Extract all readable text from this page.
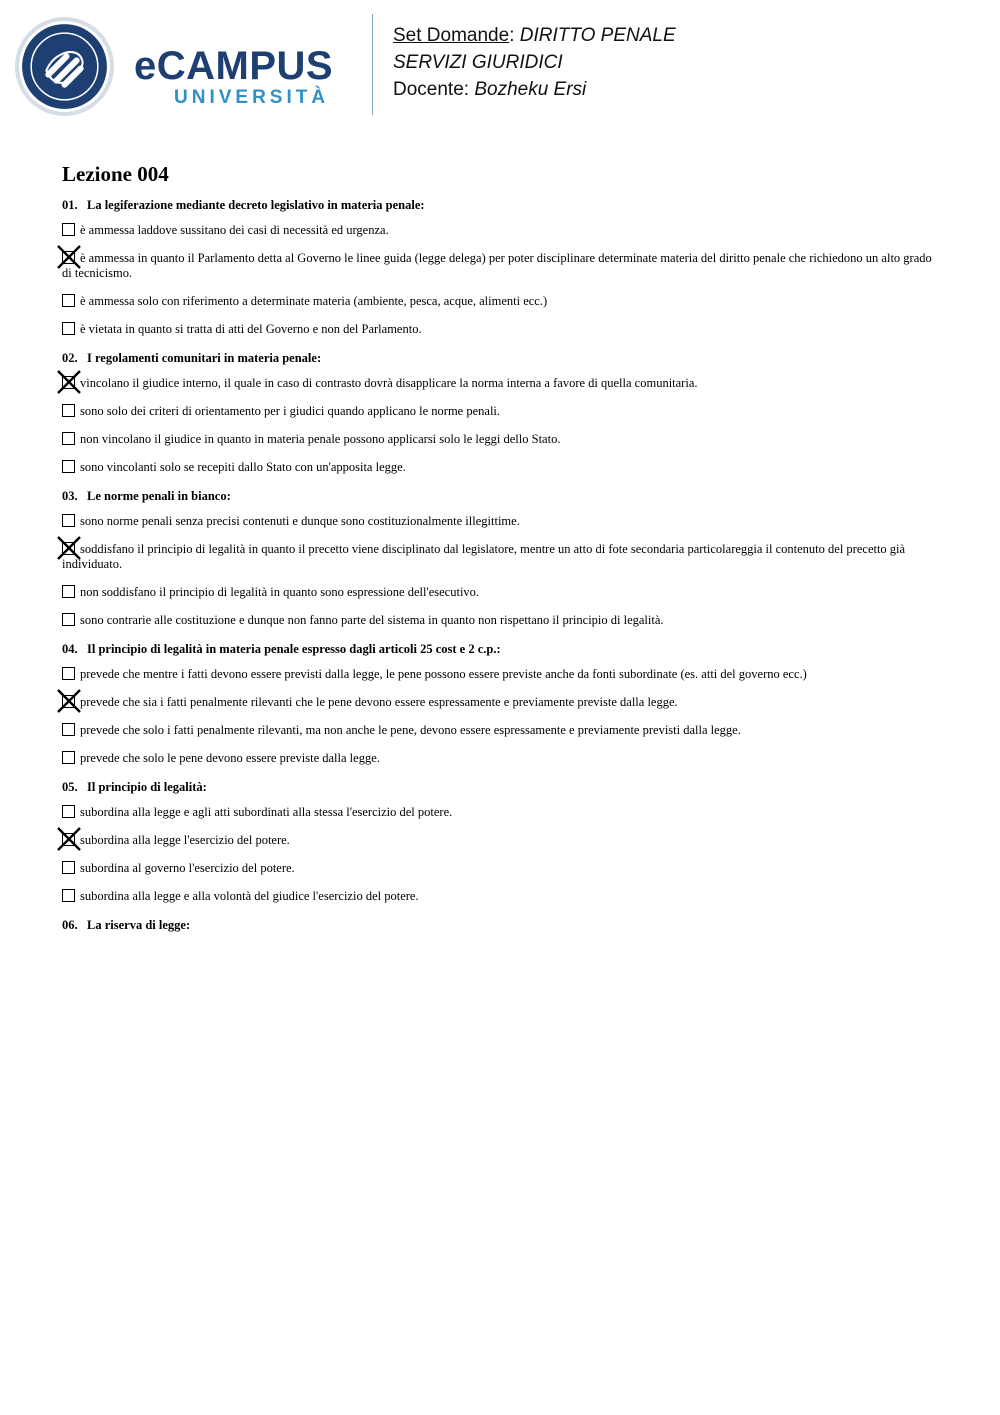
eCAMPUS
UNIVERSITÀ
Set Domande: DIRITTO PENALE
SERVIZI GIURIDICI
Docente: Bozheku Ersi
Lezione 004
01. La legiferazione mediante decreto legislativo in materia penale:
è ammessa laddove sussitano dei casi di necessità ed urgenza.
è ammessa in quanto il Parlamento detta al Governo le linee guida (legge delega) per poter disciplinare determinate materia del diritto penale che richiedono un alto grado di tecnicismo.
è ammessa solo con riferimento a determinate materia (ambiente, pesca, acque, alimenti ecc.)
è vietata in quanto si tratta di atti del Governo e non del Parlamento.
02. I regolamenti comunitari in materia penale:
vincolano il giudice interno, il quale in caso di contrasto dovrà disapplicare la norma interna a favore di quella comunitaria.
sono solo dei criteri di orientamento per i giudici quando applicano le norme penali.
non vincolano il giudice in quanto in materia penale possono applicarsi solo le leggi dello Stato.
sono vincolanti solo se recepiti dallo Stato con un'apposita legge.
03. Le norme penali in bianco:
sono norme penali senza precisi contenuti e dunque sono costituzionalmente illegittime.
soddisfano il principio di legalità in quanto il precetto viene disciplinato dal legislatore, mentre un atto di fote secondaria particolareggia il contenuto del precetto già individuato.
non soddisfano il principio di legalità in quanto sono espressione dell'esecutivo.
sono contrarie alle costituzione e dunque non fanno parte del sistema in quanto non rispettano il principio di legalità.
04. Il principio di legalità in materia penale espresso dagli articoli 25 cost e 2 c.p.:
prevede che mentre i fatti devono essere previsti dalla legge, le pene possono essere previste anche da fonti subordinate (es. atti del governo ecc.)
prevede che sia i fatti penalmente rilevanti che le pene devono essere espressamente e previamente previste dalla legge.
prevede che solo i fatti penalmente rilevanti, ma non anche le pene, devono essere espressamente e previamente previsti dalla legge.
prevede che solo le pene devono essere previste dalla legge.
05. Il principio di legalità:
subordina alla legge e agli atti subordinati alla stessa l'esercizio del potere.
subordina alla legge l'esercizio del potere.
subordina al governo l'esercizio del potere.
subordina alla legge e alla volontà del giudice l'esercizio del potere.
06. La riserva di legge:
